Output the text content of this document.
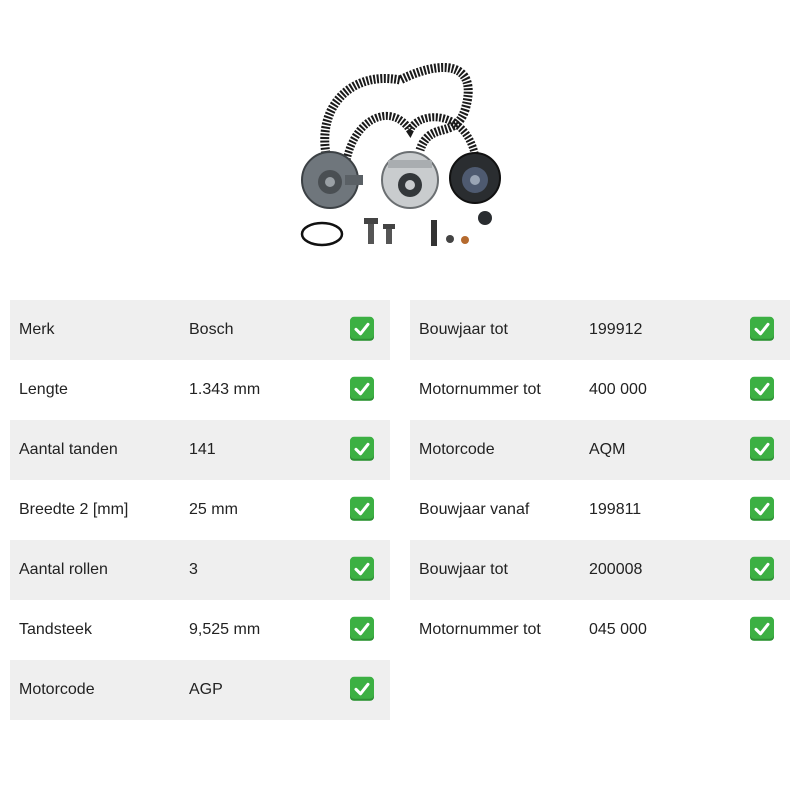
Merk	Bosch
Lengte	1.343 mm
Aantal tanden	141
Breedte 2 [mm]	25 mm
Aantal rollen	3
Tandsteek	9,525 mm
Motorcode	AGP
Bouwjaar tot	199912
Motornummer tot	400 000
Motorcode	AQM
Bouwjaar vanaf	199811
Bouwjaar tot	200008
Motornummer tot	045 000
